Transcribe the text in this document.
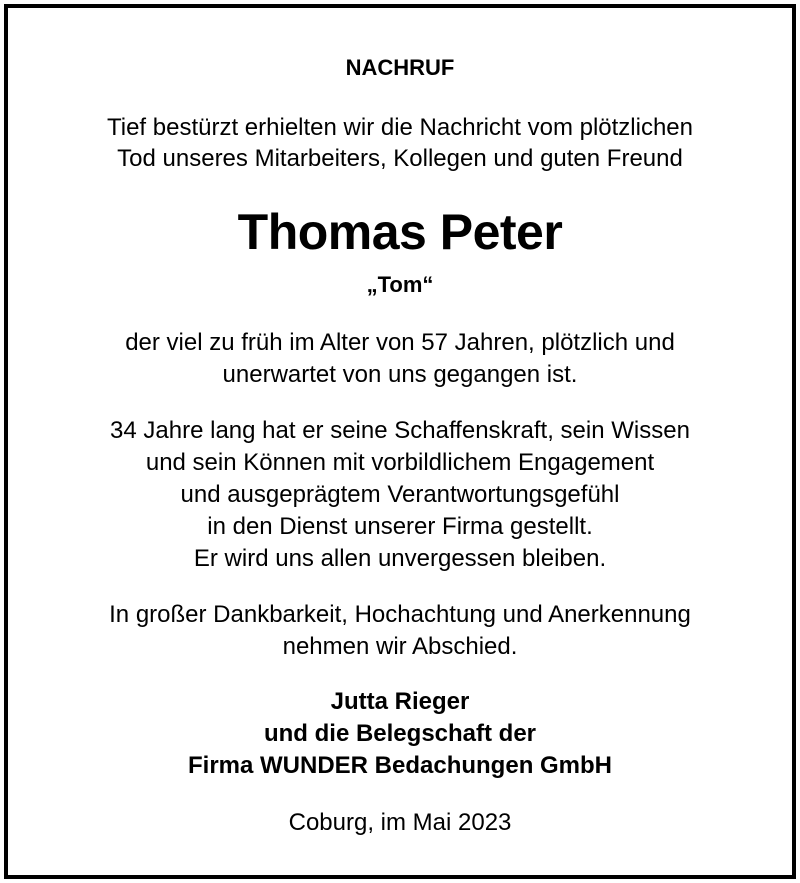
NACHRUF
Tief bestürzt erhielten wir die Nachricht vom plötzlichen
Tod unseres Mitarbeiters, Kollegen und guten Freund
Thomas Peter
„Tom“
der viel zu früh im Alter von 57 Jahren, plötzlich und
unerwartet von uns gegangen ist.
34 Jahre lang hat er seine Schaffenskraft, sein Wissen
und sein Können mit vorbildlichem Engagement
und ausgeprägtem Verantwortungsgefühl
in den Dienst unserer Firma gestellt.
Er wird uns allen unvergessen bleiben.
In großer Dankbarkeit, Hochachtung und Anerkennung
nehmen wir Abschied.
Jutta Rieger
und die Belegschaft der
Firma WUNDER Bedachungen GmbH
Coburg, im Mai 2023
